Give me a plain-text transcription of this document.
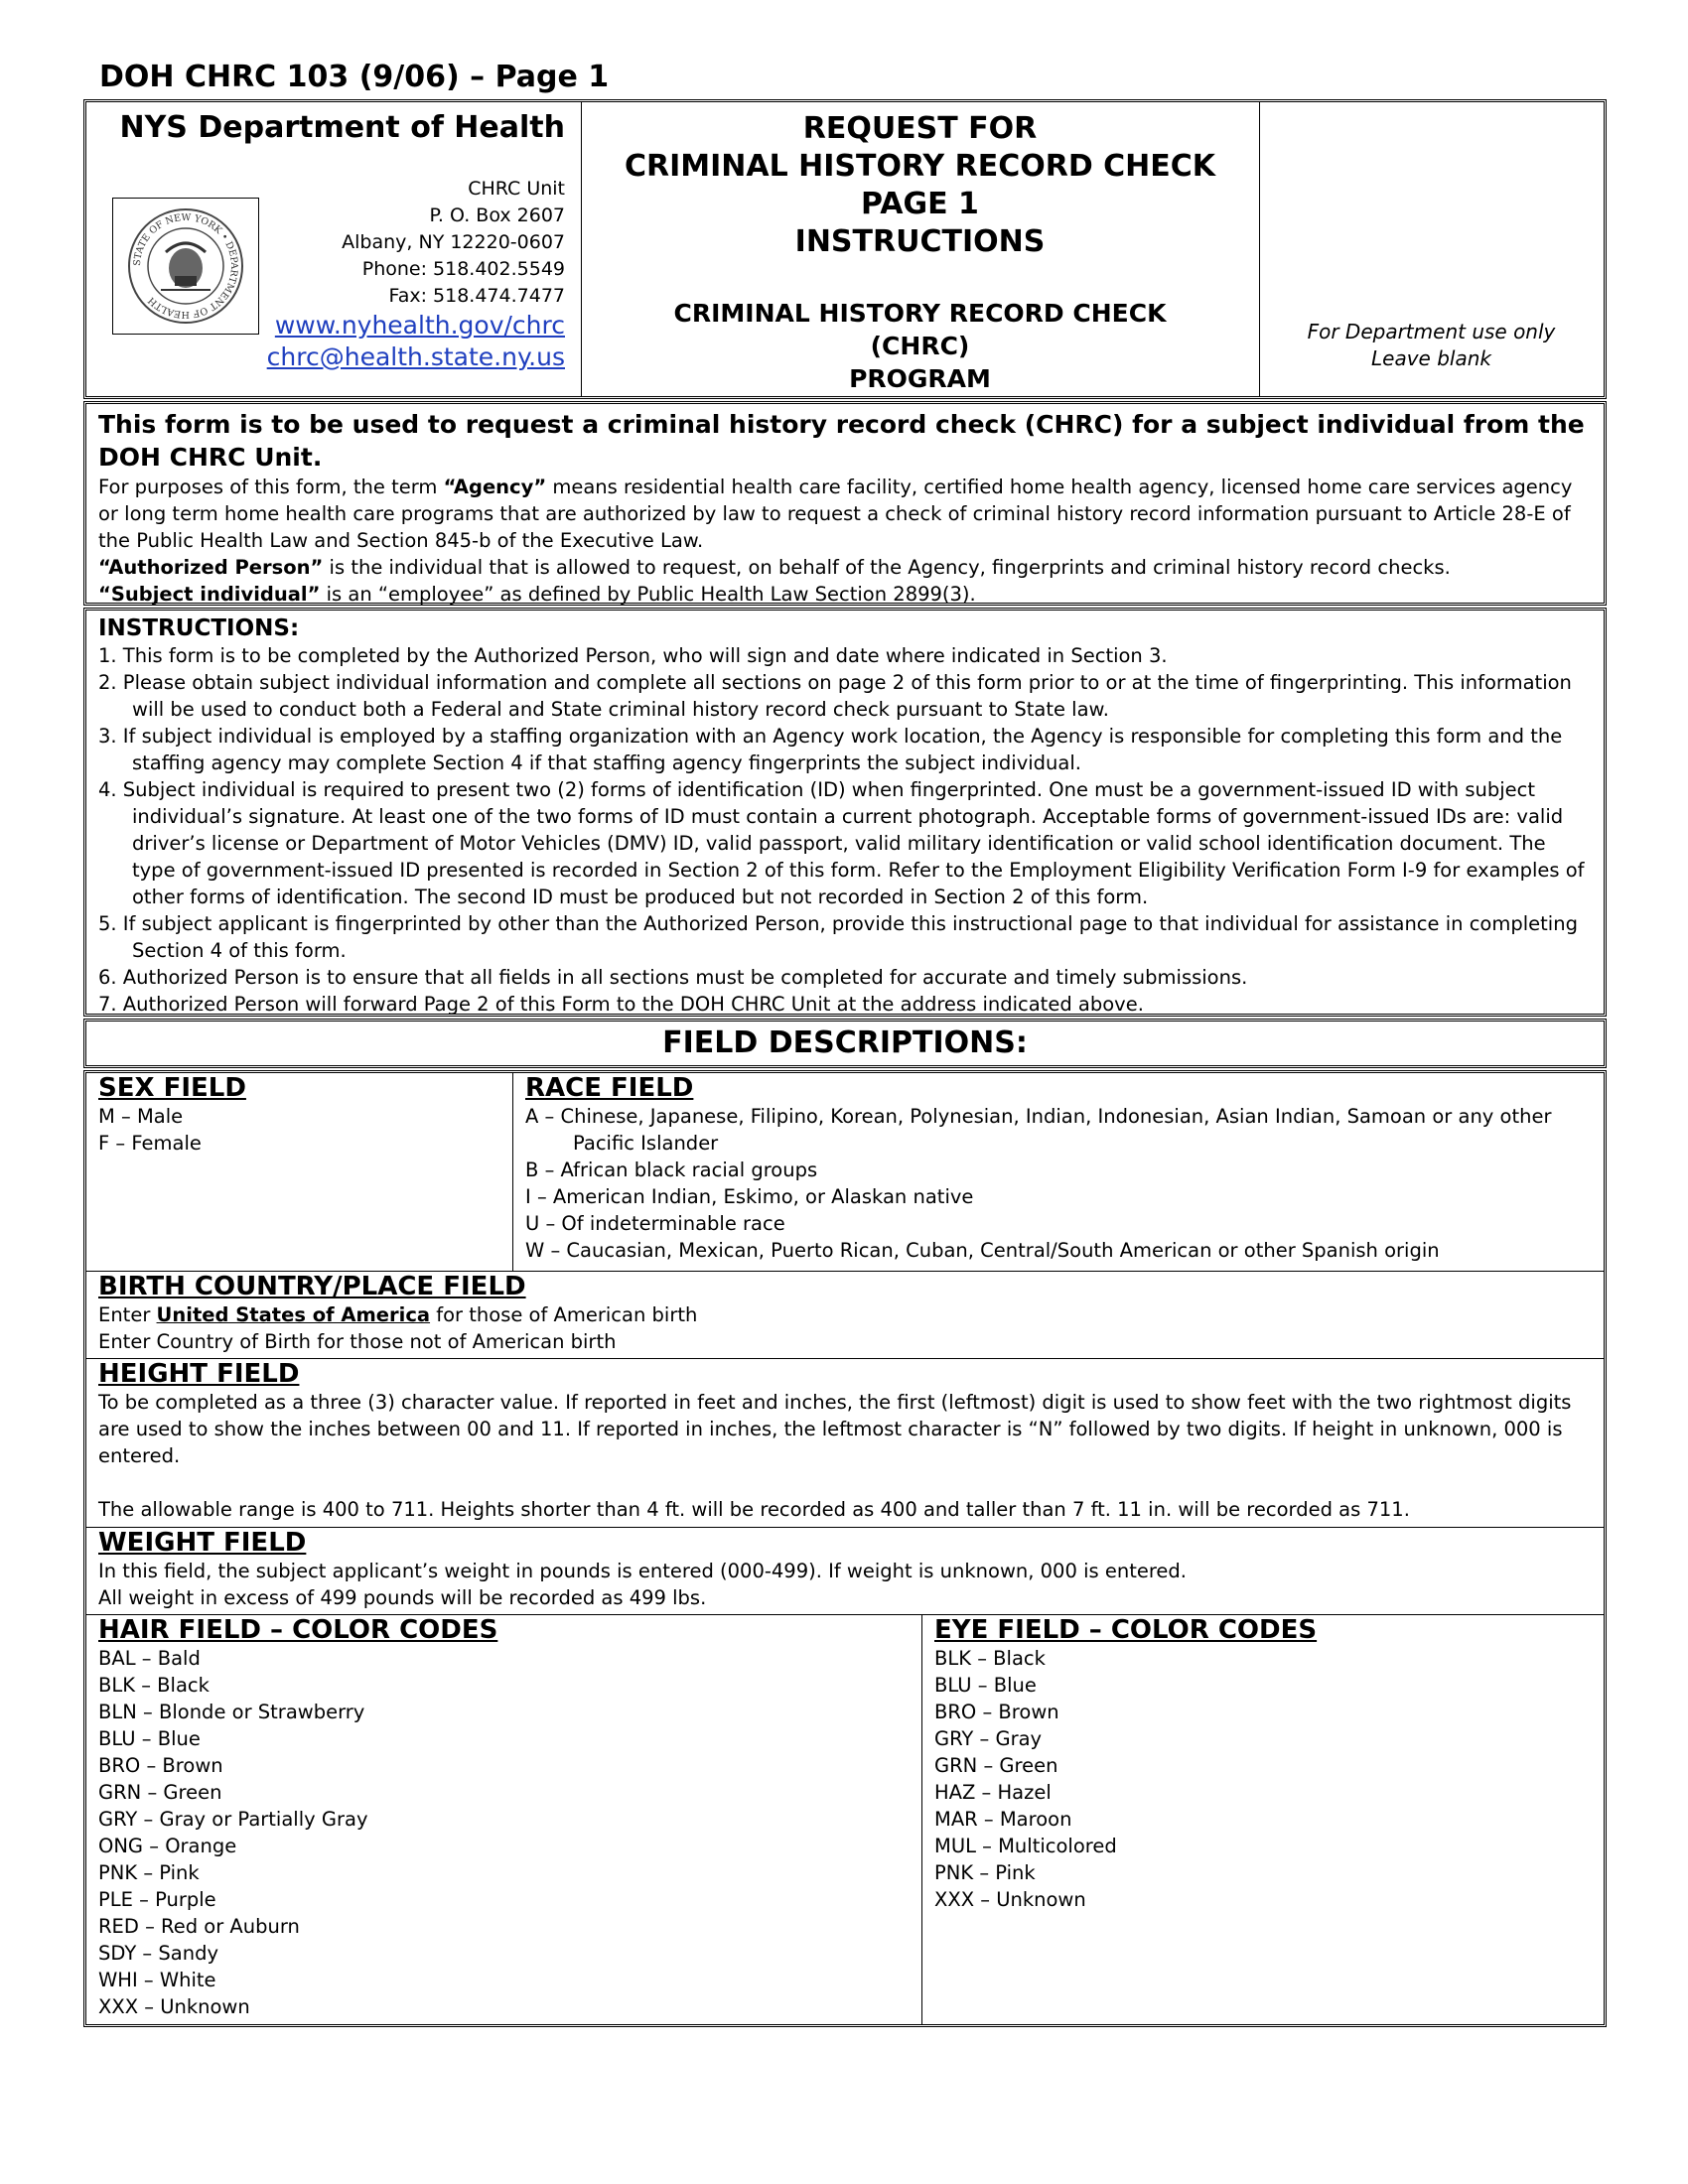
DOH CHRC 103 (9/06) – Page 1
NYS Department of Health
STATE OF NEW YORK • DEPARTMENT OF HEALTH
CHRC Unit
P. O. Box 2607
Albany, NY 12220-0607
Phone: 518.402.5549
Fax: 518.474.7477
www.nyhealth.gov/chrc
chrc@health.state.ny.us
REQUEST FOR
CRIMINAL HISTORY RECORD CHECK
PAGE 1
INSTRUCTIONS
CRIMINAL HISTORY RECORD CHECK
(CHRC)
PROGRAM
For Department use only
Leave blank
This form is to be used to request a criminal history record check (CHRC) for a subject individual from the DOH CHRC Unit.
For purposes of this form, the term “Agency” means residential health care facility, certified home health agency, licensed home care services agency or long term home health care programs that are authorized by law to request a check of criminal history record information pursuant to Article 28-E of the Public Health Law and Section 845-b of the Executive Law.
“Authorized Person” is the individual that is allowed to request, on behalf of the Agency, fingerprints and criminal history record checks.
“Subject individual” is an “employee” as defined by Public Health Law Section 2899(3).
INSTRUCTIONS:
1. This form is to be completed by the Authorized Person, who will sign and date where indicated in Section 3.
2. Please obtain subject individual information and complete all sections on page 2 of this form prior to or at the time of fingerprinting. This information will be used to conduct both a Federal and State criminal history record check pursuant to State law.
3. If subject individual is employed by a staffing organization with an Agency work location, the Agency is responsible for completing this form and the staffing agency may complete Section 4 if that staffing agency fingerprints the subject individual.
4. Subject individual is required to present two (2) forms of identification (ID) when fingerprinted. One must be a government-issued ID with subject individual’s signature. At least one of the two forms of ID must contain a current photograph. Acceptable forms of government-issued IDs are: valid driver’s license or Department of Motor Vehicles (DMV) ID, valid passport, valid military identification or valid school identification document. The type of government-issued ID presented is recorded in Section 2 of this form. Refer to the Employment Eligibility Verification Form I-9 for examples of other forms of identification. The second ID must be produced but not recorded in Section 2 of this form.
5. If subject applicant is fingerprinted by other than the Authorized Person, provide this instructional page to that individual for assistance in completing Section 4 of this form.
6. Authorized Person is to ensure that all fields in all sections must be completed for accurate and timely submissions.
7. Authorized Person will forward Page 2 of this Form to the DOH CHRC Unit at the address indicated above.
FIELD DESCRIPTIONS:
SEX FIELD
M – Male
F – Female
RACE FIELD
A – Chinese, Japanese, Filipino, Korean, Polynesian, Indian, Indonesian, Asian Indian, Samoan or any other Pacific Islander
B – African black racial groups
I – American Indian, Eskimo, or Alaskan native
U – Of indeterminable race
W – Caucasian, Mexican, Puerto Rican, Cuban, Central/South American or other Spanish origin
BIRTH COUNTRY/PLACE FIELD
Enter United States of America for those of American birth
Enter Country of Birth for those not of American birth
HEIGHT FIELD
To be completed as a three (3) character value. If reported in feet and inches, the first (leftmost) digit is used to show feet with the two rightmost digits are used to show the inches between 00 and 11. If reported in inches, the leftmost character is “N” followed by two digits. If height in unknown, 000 is entered.
The allowable range is 400 to 711. Heights shorter than 4 ft. will be recorded as 400 and taller than 7 ft. 11 in. will be recorded as 711.
WEIGHT FIELD
In this field, the subject applicant’s weight in pounds is entered (000-499). If weight is unknown, 000 is entered.
All weight in excess of 499 pounds will be recorded as 499 lbs.
HAIR FIELD – COLOR CODES
BAL – Bald
BLK – Black
BLN – Blonde or Strawberry
BLU – Blue
BRO – Brown
GRN – Green
GRY – Gray or Partially Gray
ONG – Orange
PNK – Pink
PLE – Purple
RED – Red or Auburn
SDY – Sandy
WHI – White
XXX – Unknown
EYE FIELD – COLOR CODES
BLK – Black
BLU – Blue
BRO – Brown
GRY – Gray
GRN – Green
HAZ – Hazel
MAR – Maroon
MUL – Multicolored
PNK – Pink
XXX – Unknown
